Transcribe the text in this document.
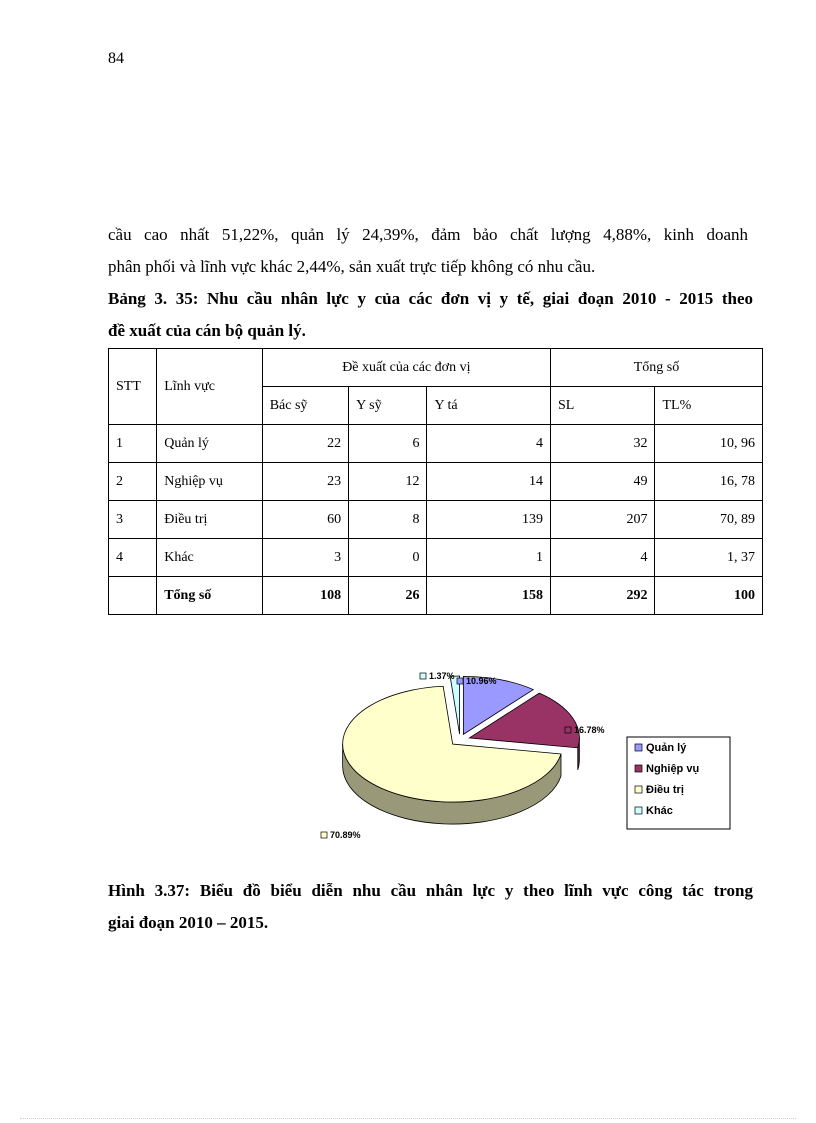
84
cầu cao nhất 51,22%, quản lý 24,39%, đảm bảo chất lượng 4,88%, kinh doanh
phân phối và lĩnh vực khác 2,44%, sản xuất trực tiếp không có nhu cầu.
Bảng 3. 35: Nhu cầu nhân lực y của các đơn vị y tế, giai đoạn 2010 - 2015 theo
đề xuất của cán bộ quản lý.
STT	Lĩnh vực	Đề xuất của các đơn vị			Tổng số	
		Bác sỹ	Y sỹ	Y tá	SL	TL%
1	Quản lý	22	6	4	32	10, 96
2	Nghiệp vụ	23	12	14	49	16, 78
3	Điều trị	60	8	139	207	70, 89
4	Khác	3	0	1	4	1, 37
	Tổng số	108	26	158	292	100
10.96%
16.78%
70.89%
1.37%
Quản lý
Nghiệp vụ
Điều trị
Khác
Hình 3.37: Biểu đồ biểu diễn nhu cầu nhân lực y theo lĩnh vực công tác trong
giai đoạn 2010 – 2015.
